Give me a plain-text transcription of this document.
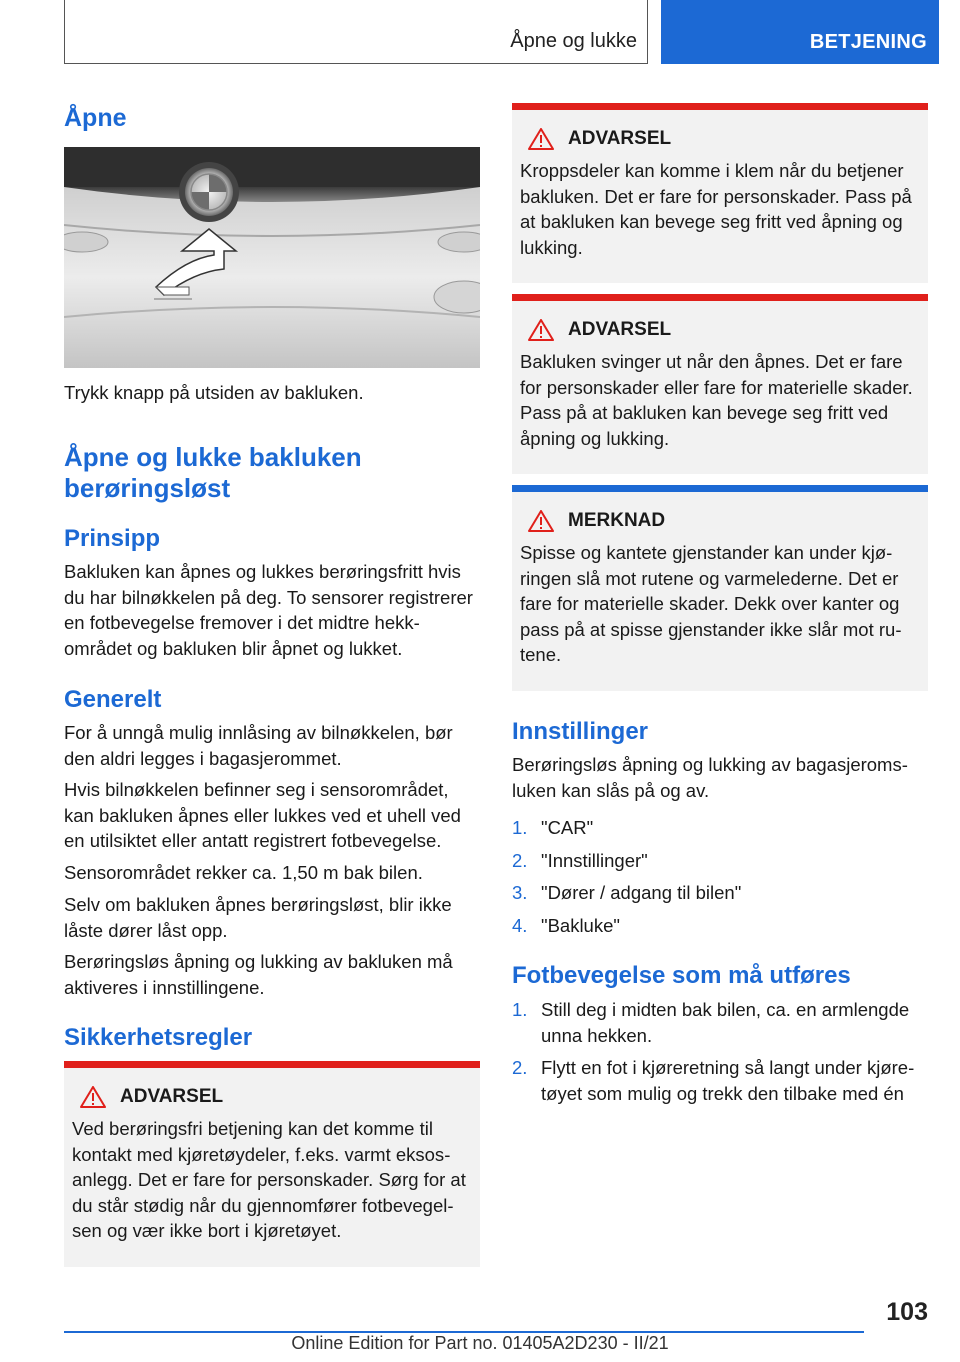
Åpne og lukke	BETJENING
Åpne

Trykk knapp på utsiden av bakluken.

Åpne og lukke bakluken berøringsløst
Prinsipp

Bakluken kan åpnes og lukkes berøringsfritt hvis du har bilnøkkelen på deg. To sensorer registrerer en fotbevegelse fremover i det midtre hekkområdet og bakluken blir åpnet og lukket.

Generelt

For å unngå mulig innlåsing av bilnøkkelen, bør den aldri legges i bagasjerommet.

Hvis bilnøkkelen befinner seg i sensorområdet, kan bakluken åpnes eller lukkes ved et uhell ved en utilsiktet eller antatt registrert fotbevegelse.

Sensorområdet rekker ca. 1,50 m bak bilen.

Selv om bakluken åpnes berøringsløst, blir ikke låste dører låst opp.

Berøringsløs åpning og lukking av bakluken må aktiveres i innstillingene.

Sikkerhetsregler
ADVARSEL

Ved berøringsfri betjening kan det komme til kontakt med kjøretøydeler, f.eks. varmt eksosanlegg. Det er fare for personskader. Sørg for at du står stødig når du gjennomfører fotbevegelsen og vær ikke bort i kjøretøyet.

ADVARSEL

Kroppsdeler kan komme i klem når du betjener bakluken. Det er fare for personskader. Pass på at bakluken kan bevege seg fritt ved åpning og lukking.

ADVARSEL

Bakluken svinger ut når den åpnes. Det er fare for personskader eller fare for materielle skader. Pass på at bakluken kan bevege seg fritt ved åpning og lukking.

MERKNAD

Spisse og kantete gjenstander kan under kjøringen slå mot rutene og varmelederne. Det er fare for materielle skader. Dekk over kanter og pass på at spisse gjenstander ikke slår mot rutene.

Innstillinger

Berøringsløs åpning og lukking av bagasjeromsluken kan slås på og av.

1. "CAR"
2. "Innstillinger"
3. "Dører / adgang til bilen"
4. "Bakluke"
Fotbevegelse som må utføres
1. Still deg i midten bak bilen, ca. en armlengde unna hekken.
2. Flytt en fot i kjøreretning så langt under kjøretøyet som mulig og trekk den tilbake med én
103
Online Edition for Part no. 01405A2D230 - II/21
